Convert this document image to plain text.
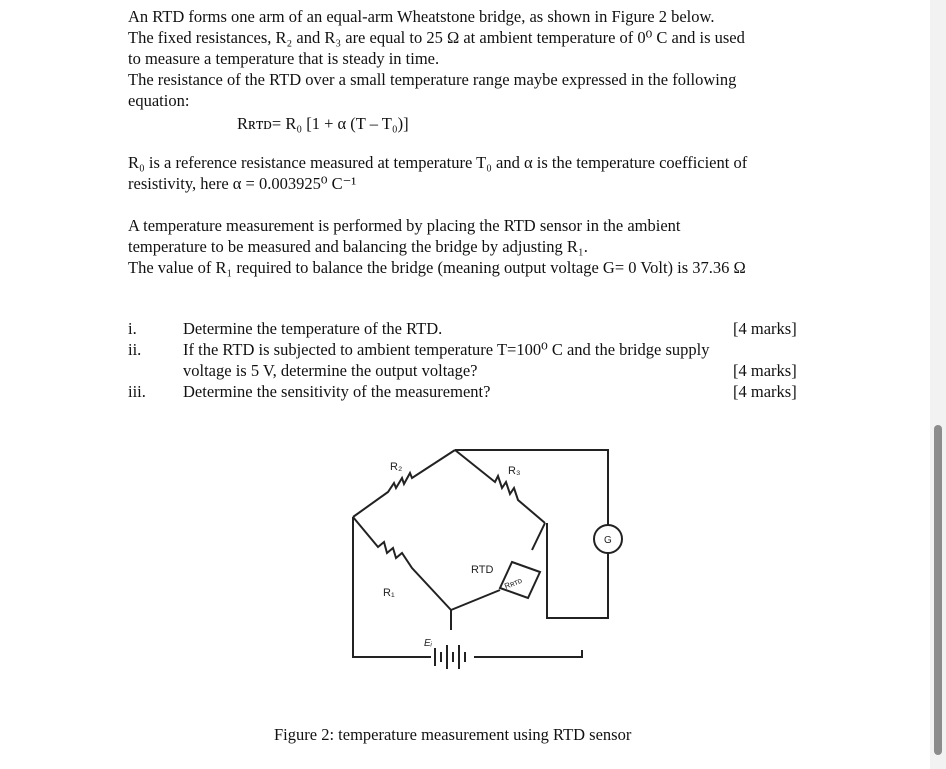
An RTD forms one arm of an equal-arm Wheatstone bridge, as shown in Figure 2 below.
The fixed resistances, R₂ and R₃ are equal to 25 Ω at ambient temperature of 0⁰ C and is used
to measure a temperature that is steady in time.
The resistance of the RTD over a small temperature range maybe expressed in the following
equation:
Rʀᴛᴅ= R₀ [1 + α (T – T₀)]
R₀ is a reference resistance measured at temperature T₀ and α is the temperature coefficient of
resistivity, here α = 0.003925⁰ C⁻¹
A temperature measurement is performed by placing the RTD sensor in the ambient
temperature to be measured and balancing the bridge by adjusting R₁.
The value of R₁ required to balance the bridge (meaning output voltage G= 0 Volt) is 37.36 Ω
i.	Determine the temperature of the RTD.	[4 marks]
ii.	If the RTD is subjected to ambient temperature T=100⁰ C and the bridge supply
voltage is 5 V, determine the output voltage?	[4 marks]
iii. Determine the sensitivity of the measurement?	[4 marks]
R₂	R₃
R₁
RTD
Rʀᴛᴅ
G
Eᵢ
Figure 2: temperature measurement using RTD sensor
